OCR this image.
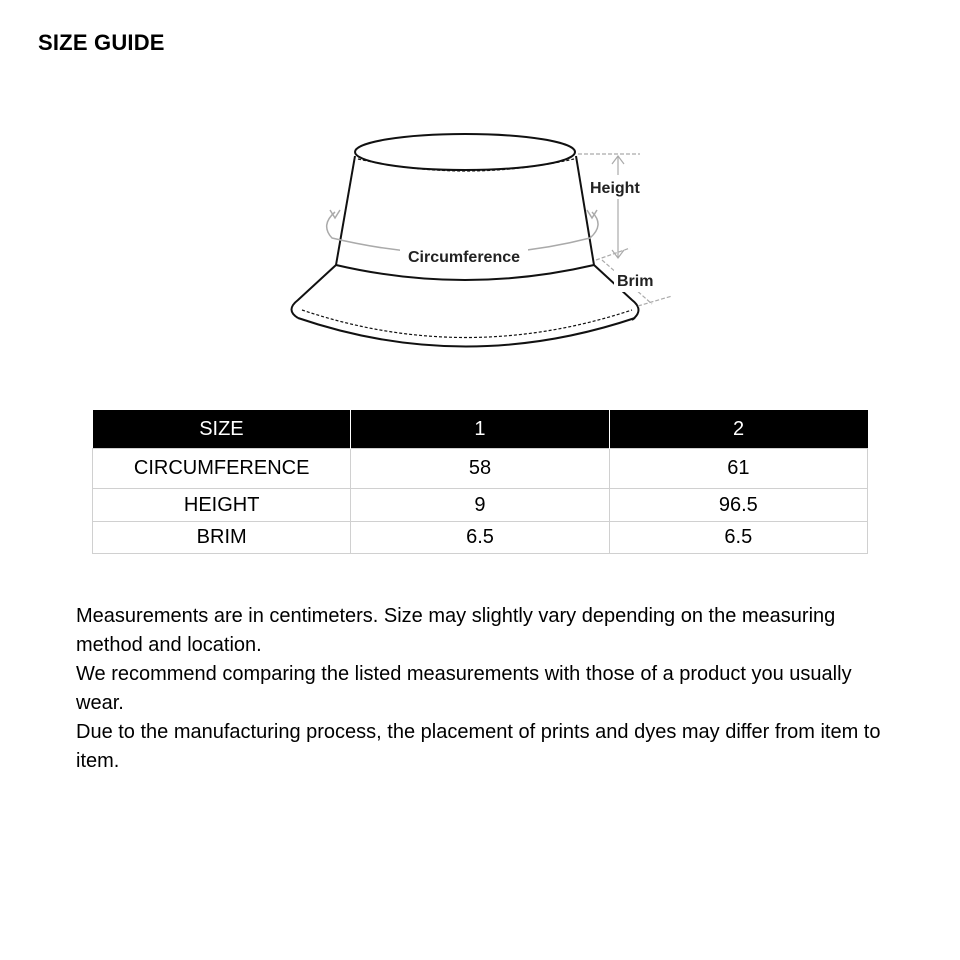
SIZE GUIDE
Circumference
Height
Brim
SIZE	1	2
CIRCUMFERENCE	58	61
HEIGHT	9	96.5
BRIM	6.5	6.5

Measurements are in centimeters. Size may slightly vary depending on the measuring method and location.

We recommend comparing the listed measurements with those of a product you usually wear.

Due to the manufacturing process, the placement of prints and dyes may differ from item to item.
